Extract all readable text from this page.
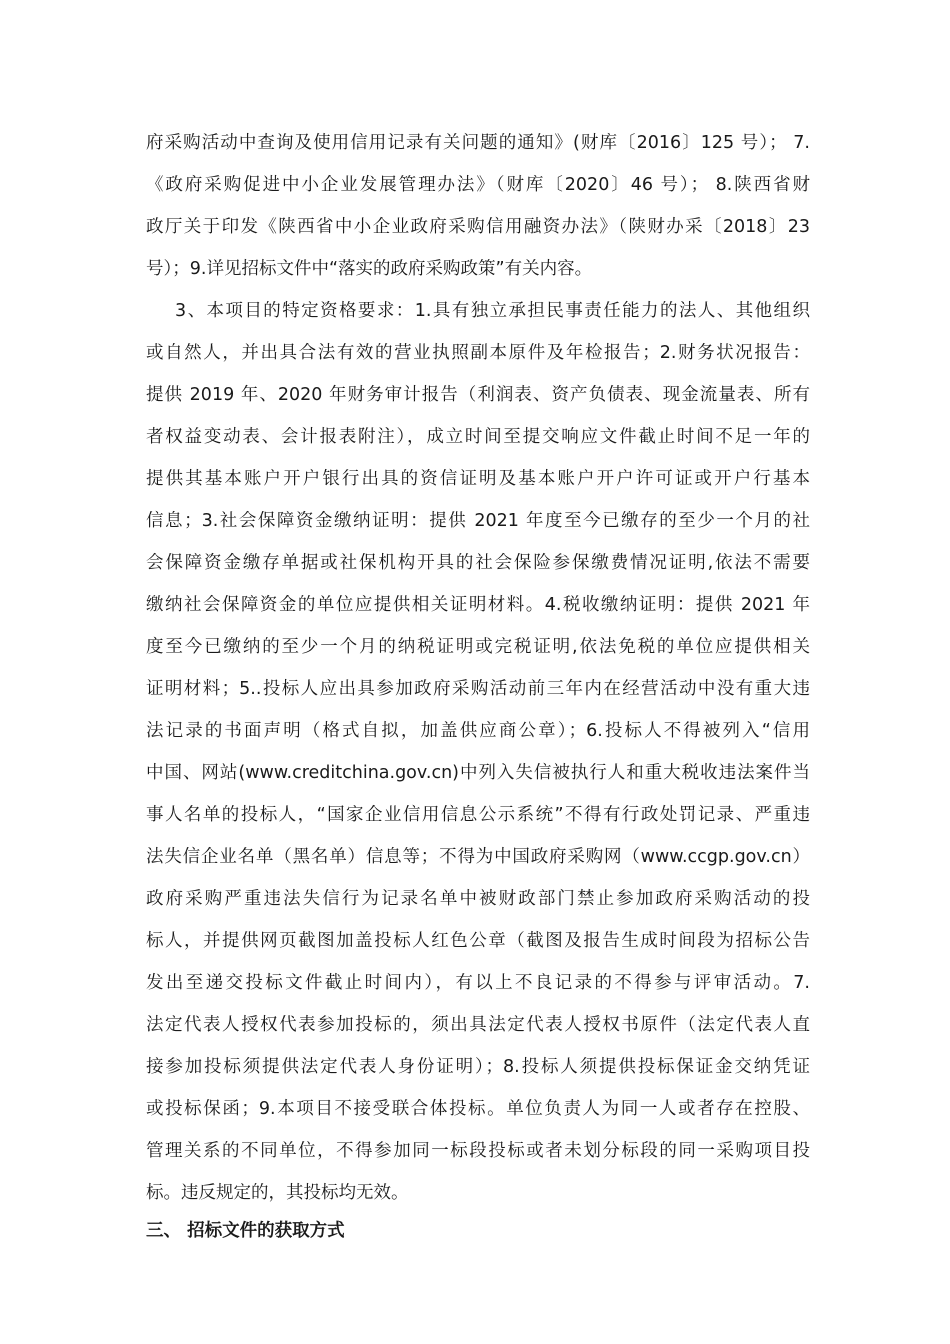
府采购活动中查询及使用信用记录有关问题的通知》(财库〔2016〕125 号）； 7.
《政府采购促进中小企业发展管理办法》（财库〔2020〕46 号）； 8.陕西省财
政厅关于印发《陕西省中小企业政府采购信用融资办法》（陕财办采〔2018〕23
号）；9.详见招标文件中“落实的政府采购政策”有关内容。
3、本项目的特定资格要求：1.具有独立承担民事责任能力的法人、其他组织
或自然人，并出具合法有效的营业执照副本原件及年检报告；2.财务状况报告：
提供 2019 年、2020 年财务审计报告（利润表、资产负债表、现金流量表、所有
者权益变动表、会计报表附注），成立时间至提交响应文件截止时间不足一年的
提供其基本账户开户银行出具的资信证明及基本账户开户许可证或开户行基本
信息；3.社会保障资金缴纳证明：提供 2021 年度至今已缴存的至少一个月的社
会保障资金缴存单据或社保机构开具的社会保险参保缴费情况证明,依法不需要
缴纳社会保障资金的单位应提供相关证明材料。4.税收缴纳证明：提供 2021 年
度至今已缴纳的至少一个月的纳税证明或完税证明,依法免税的单位应提供相关
证明材料；5..投标人应出具参加政府采购活动前三年内在经营活动中没有重大违
法记录的书面声明（格式自拟，加盖供应商公章）；6.投标人不得被列入“信用
中国、网站(www.creditchina.gov.cn)中列入失信被执行人和重大税收违法案件当
事人名单的投标人，“国家企业信用信息公示系统”不得有行政处罚记录、严重违
法失信企业名单（黑名单）信息等；不得为中国政府采购网（www.ccgp.gov.cn）
政府采购严重违法失信行为记录名单中被财政部门禁止参加政府采购活动的投
标人，并提供网页截图加盖投标人红色公章（截图及报告生成时间段为招标公告
发出至递交投标文件截止时间内），有以上不良记录的不得参与评审活动。7.
法定代表人授权代表参加投标的，须出具法定代表人授权书原件（法定代表人直
接参加投标须提供法定代表人身份证明）；8.投标人须提供投标保证金交纳凭证
或投标保函；9.本项目不接受联合体投标。单位负责人为同一人或者存在控股、
管理关系的不同单位，不得参加同一标段投标或者未划分标段的同一采购项目投
标。违反规定的，其投标均无效。
三、 招标文件的获取方式
